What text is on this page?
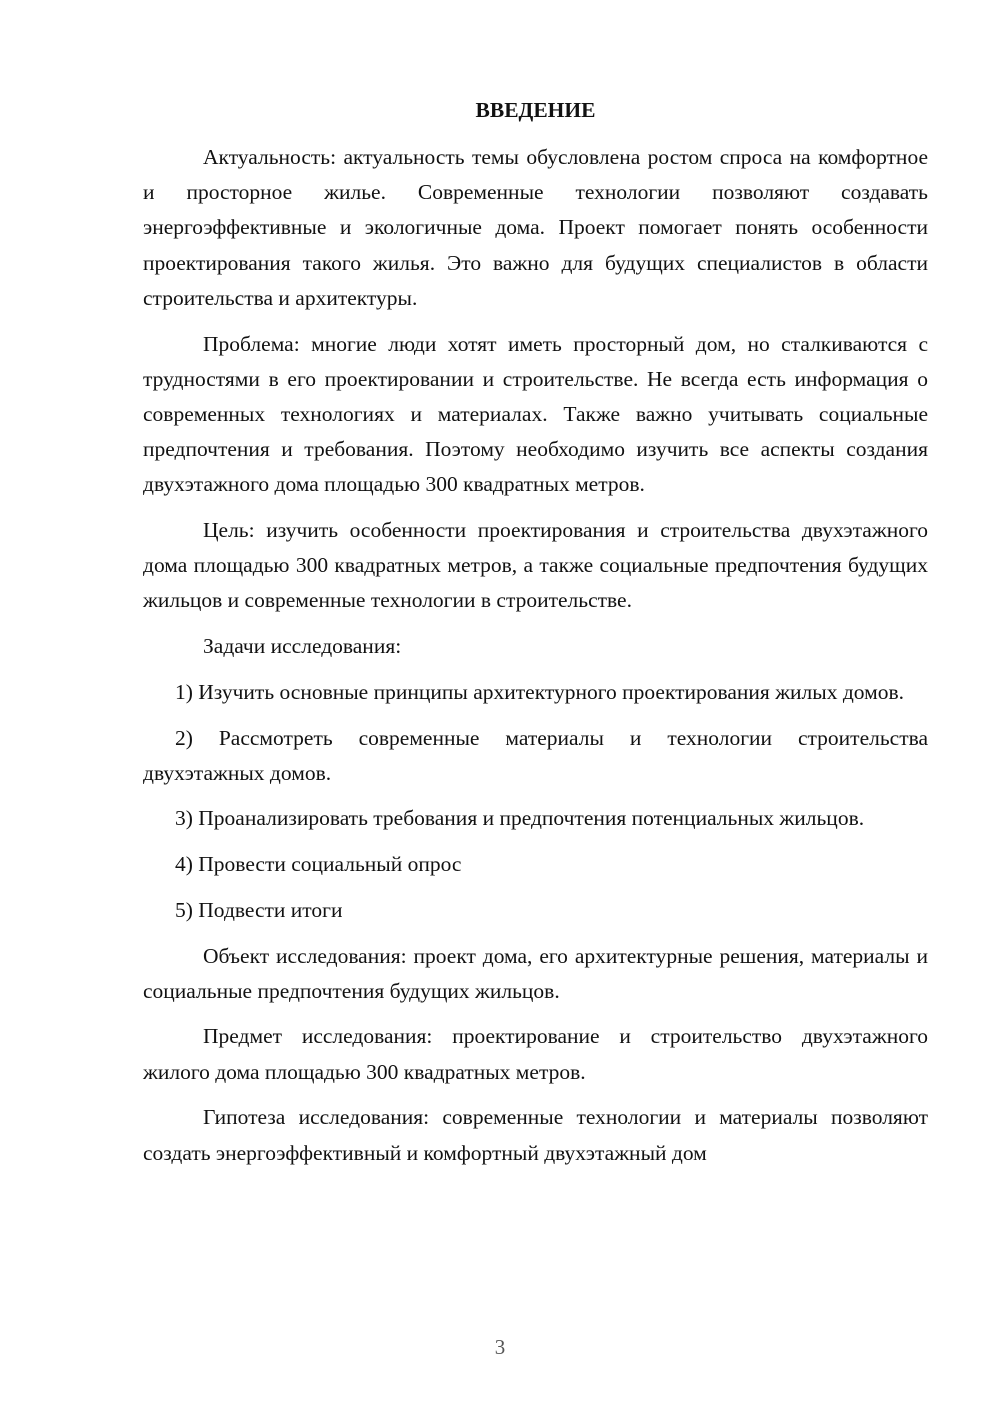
ВВЕДЕНИЕ

Актуальность: актуальность темы обусловлена ростом спроса на комфортное и просторное жилье. Современные технологии позволяют создавать энергоэффективные и экологичные дома. Проект помогает понять особенности проектирования такого жилья. Это важно для будущих специалистов в области строительства и архитектуры.

Проблема: многие люди хотят иметь просторный дом, но сталкиваются с трудностями в его проектировании и строительстве. Не всегда есть информация о современных технологиях и материалах. Также важно учитывать социальные предпочтения и требования. Поэтому необходимо изучить все аспекты создания двухэтажного дома площадью 300 квадратных метров.

Цель: изучить особенности проектирования и строительства двухэтажного дома площадью 300 квадратных метров, а также социальные предпочтения будущих жильцов и современные технологии в строительстве.

Задачи исследования:

1) Изучить основные принципы архитектурного проектирования жилых домов.

2) Рассмотреть современные материалы и технологии строительства двухэтажных домов.

3) Проанализировать требования и предпочтения потенциальных жильцов.

4) Провести социальный опрос

5) Подвести итоги

Объект исследования: проект дома, его архитектурные решения, материалы и социальные предпочтения будущих жильцов.

Предмет исследования: проектирование и строительство двухэтажного жилого дома площадью 300 квадратных метров.

Гипотеза исследования: современные технологии и материалы позволяют создать энергоэффективный и комфортный двухэтажный дом

3
